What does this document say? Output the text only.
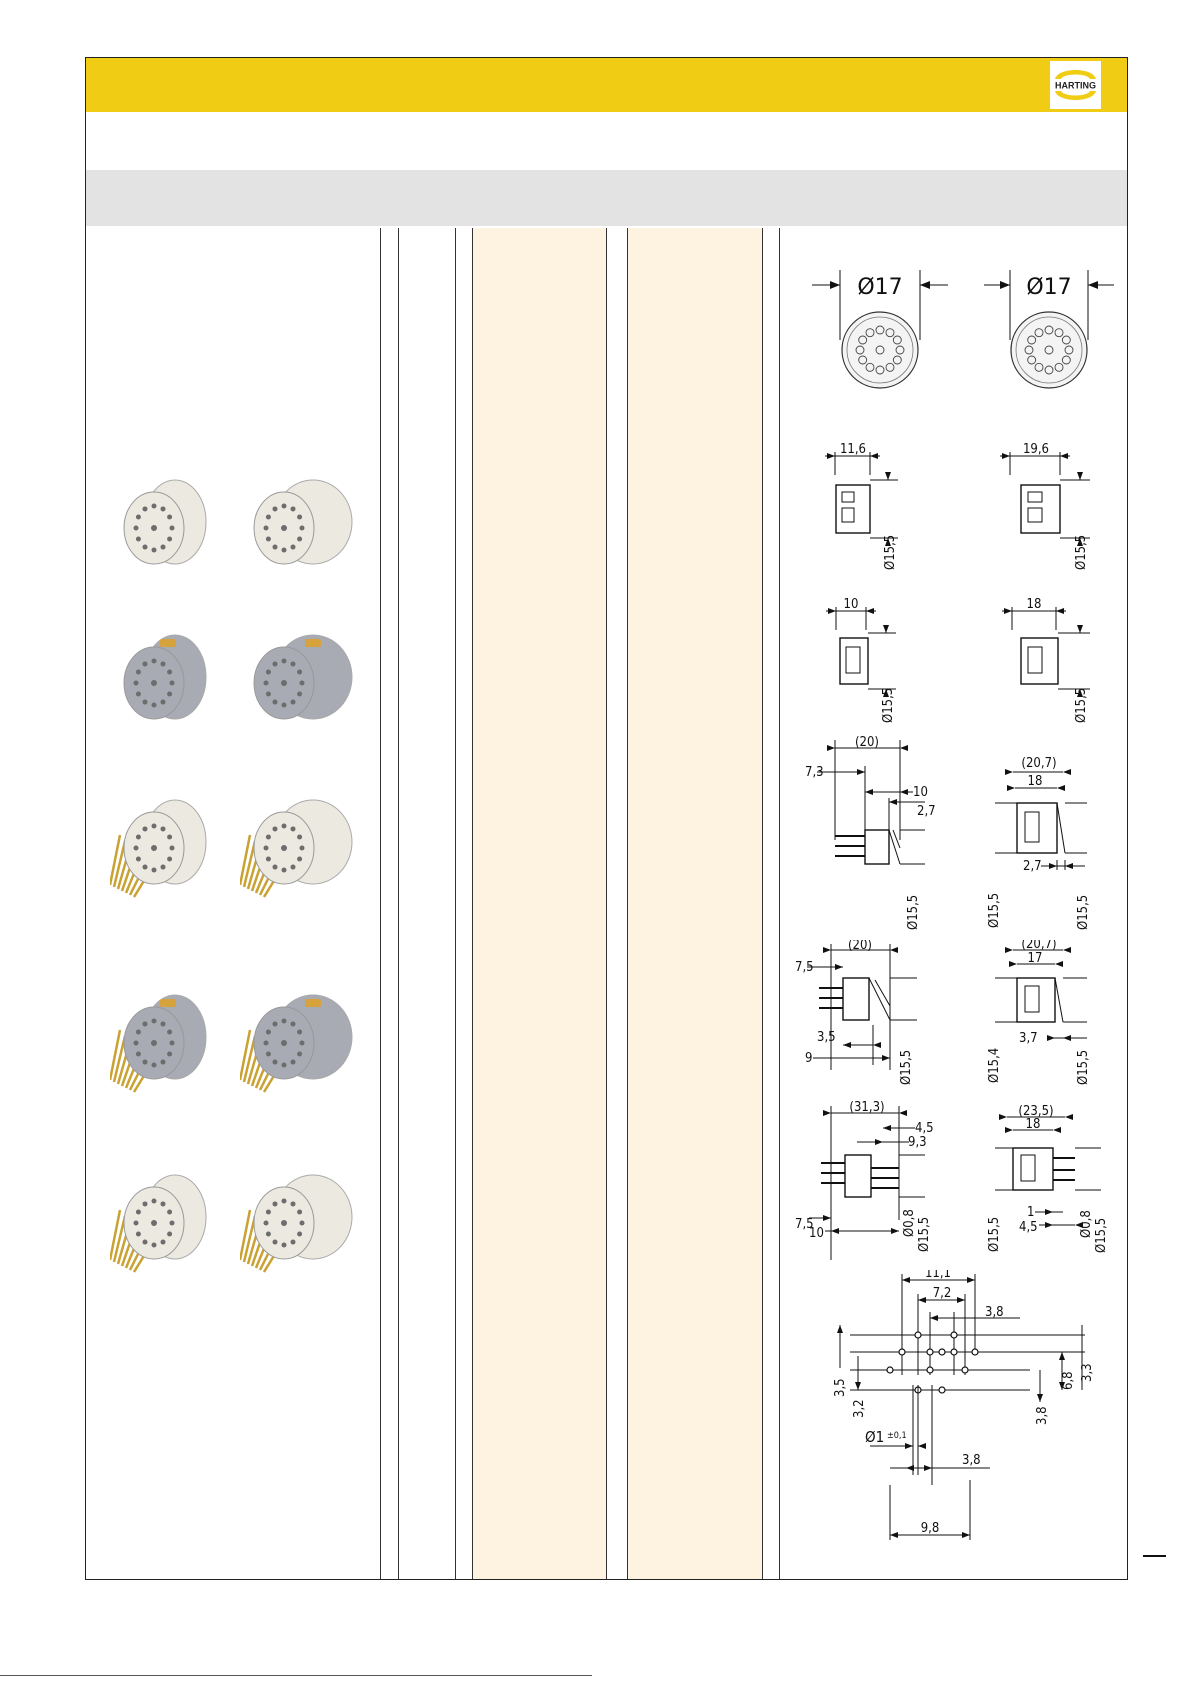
HARTING
Ø17	Ø17
11,6
Ø15,5
19,6
Ø15,5
10
Ø15,5
18
Ø15,5
(20)
7,3
10
2,7
Ø15,5
(20,7)
18
2,7
Ø15,5	Ø15,5
(20)
7,5
3,5
9	Ø15,5
(20,7)
17
3,7
Ø15,4	Ø15,5
(31,3)
4,5
9,3
7,5
10	Ø0,8 Ø15,5
(23,5)
18
1
4,5
Ø15,5	Ø0,8 Ø15,5
11,1
7,2
3,8
3,5
3,2
6,8 3,3
3,8
Ø1 ±0,1
3,8
9,8
